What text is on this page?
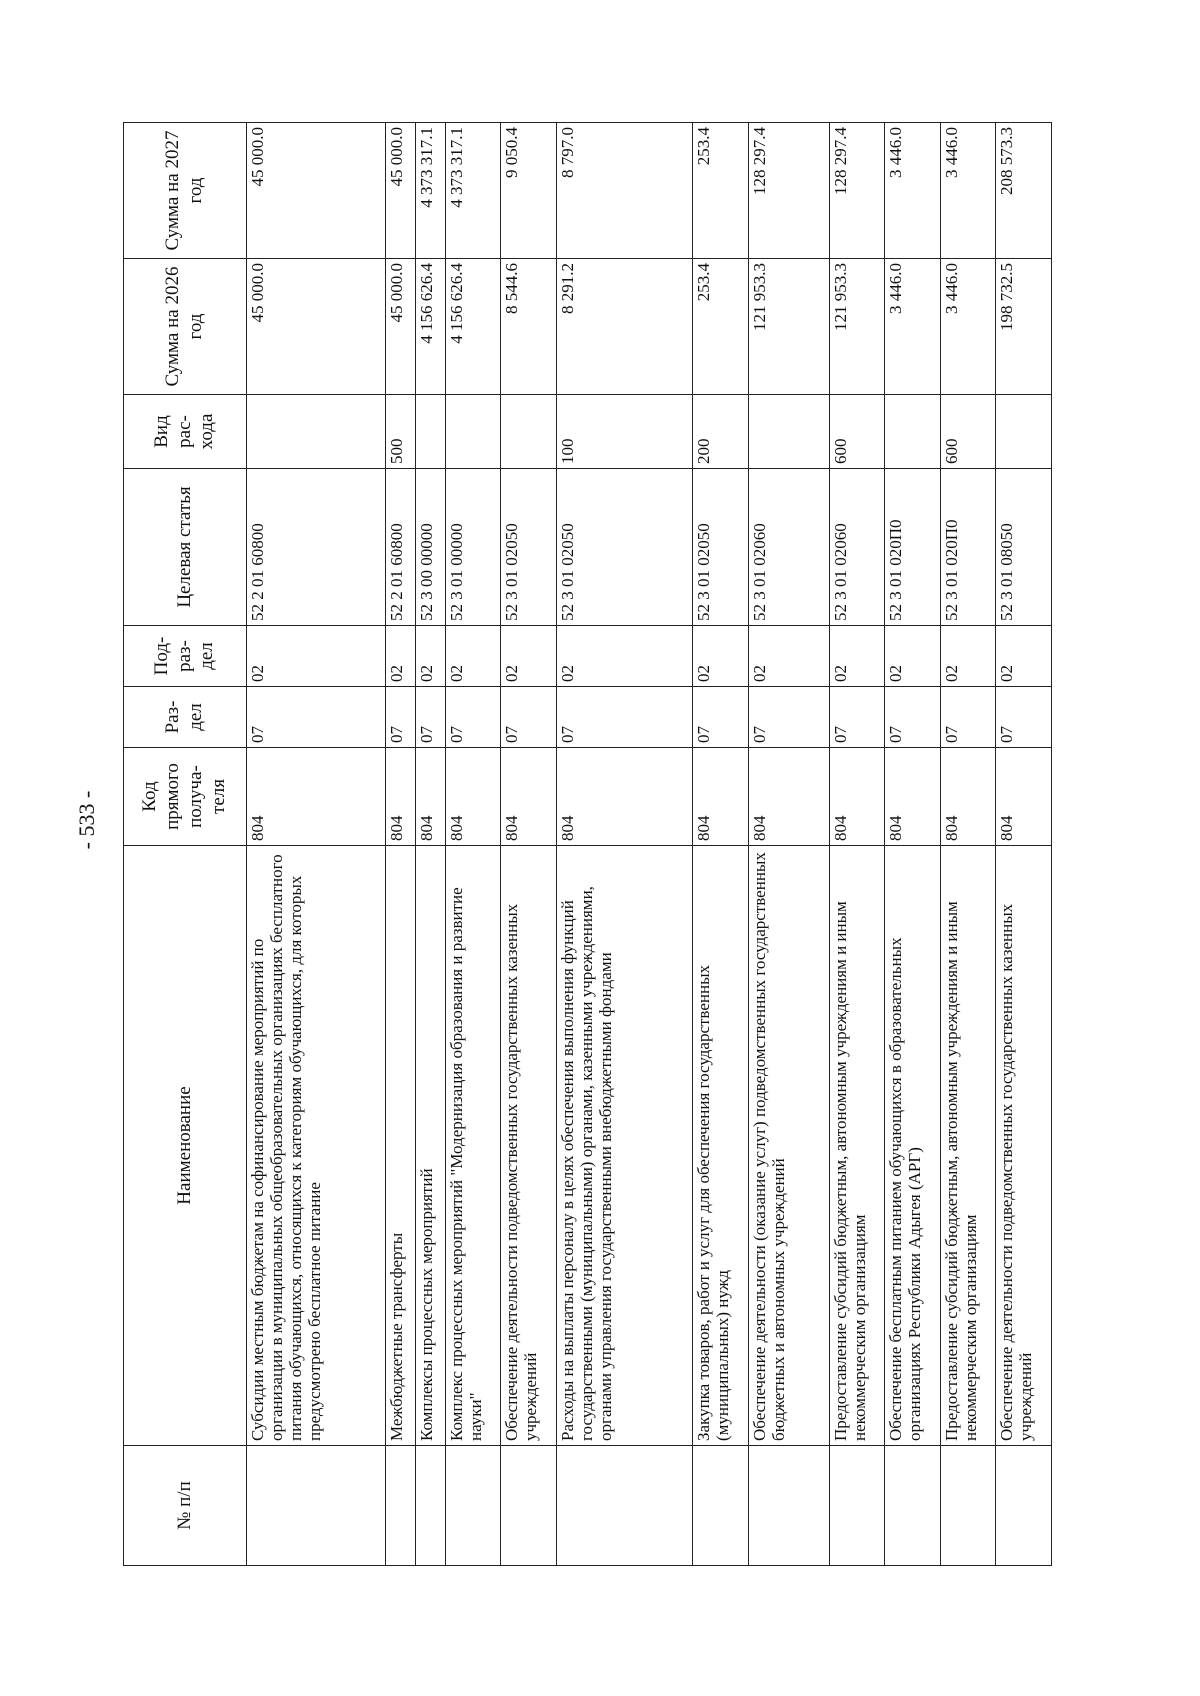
- 533 -
№ п/п	Наименование	Код прямого получа-теля	Раз-дел	Под-раз-дел	Целевая статья	Вид рас-хода	Сумма на 2026 год	Сумма на 2027 год
	Субсидии местным бюджетам на софинансирование мероприятий по организации в муниципальных общеобразовательных организациях бесплатного питания обучающихся, относящихся к категориям обучающихся, для которых предусмотрено бесплатное питание	804	07	02	52 2 01 60800		45 000.0	45 000.0
	Межбюджетные трансферты	804	07	02	52 2 01 60800	500	45 000.0	45 000.0
	Комплексы процессных мероприятий	804	07	02	52 3 00 00000		4 156 626.4	4 373 317.1
	Комплекс процессных мероприятий "Модернизация образования и развитие науки"	804	07	02	52 3 01 00000		4 156 626.4	4 373 317.1
	Обеспечение деятельности подведомственных государственных казенных учреждений	804	07	02	52 3 01 02050		8 544.6	9 050.4
	Расходы на выплаты персоналу в целях обеспечения выполнения функций государственными (муниципальными) органами, казенными учреждениями, органами управления государственными внебюджетными фондами	804	07	02	52 3 01 02050	100	8 291.2	8 797.0
	Закупка товаров, работ и услуг для обеспечения государственных (муниципальных) нужд	804	07	02	52 3 01 02050	200	253.4	253.4
	Обеспечение деятельности (оказание услуг) подведомственных государственных бюджетных и автономных учреждений	804	07	02	52 3 01 02060		121 953.3	128 297.4
	Предоставление субсидий бюджетным, автономным учреждениям и иным некоммерческим организациям	804	07	02	52 3 01 02060	600	121 953.3	128 297.4
	Обеспечение бесплатным питанием обучающихся в образовательных организациях Республики Адыгея (АРГ)	804	07	02	52 3 01 020П0		3 446.0	3 446.0
	Предоставление субсидий бюджетным, автономным учреждениям и иным некоммерческим организациям	804	07	02	52 3 01 020П0	600	3 446.0	3 446.0
	Обеспечение деятельности подведомственных государственных казенных учреждений	804	07	02	52 3 01 08050		198 732.5	208 573.3
